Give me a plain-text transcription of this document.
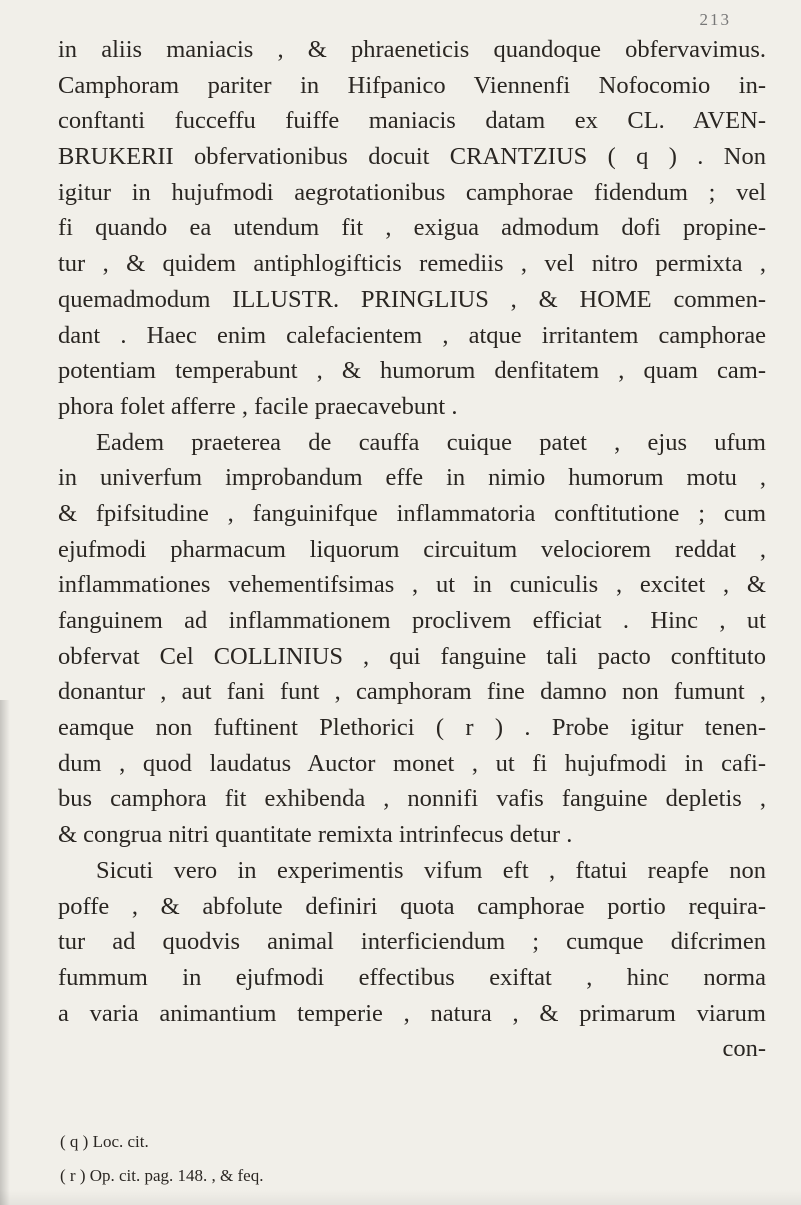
213
in aliis maniacis , & phraeneticis quandoque obfervavimus.
Camphoram pariter in Hifpanico Viennenfi Nofocomio in-
conftanti fucceffu fuiffe maniacis datam ex CL. AVEN-
BRUKERII obfervationibus docuit CRANTZIUS ( q ) . Non
igitur in hujufmodi aegrotationibus camphorae fidendum ; vel
fi quando ea utendum fit , exigua admodum dofi propine-
tur , & quidem antiphlogifticis remediis , vel nitro permixta ,
quemadmodum ILLUSTR. PRINGLIUS , & HOME commen-
dant . Haec enim calefacientem , atque irritantem camphorae
potentiam temperabunt , & humorum denfitatem , quam cam-
phora folet afferre , facile praecavebunt .
Eadem praeterea de cauffa cuique patet , ejus ufum
in univerfum improbandum effe in nimio humorum motu ,
& fpifsitudine , fanguinifque inflammatoria conftitutione ; cum
ejufmodi pharmacum liquorum circuitum velociorem reddat ,
inflammationes vehementifsimas , ut in cuniculis , excitet , &
fanguinem ad inflammationem proclivem efficiat . Hinc , ut
obfervat Cel COLLINIUS , qui fanguine tali pacto conftituto
donantur , aut fani funt , camphoram fine damno non fumunt ,
eamque non fuftinent Plethorici ( r ) . Probe igitur tenen-
dum , quod laudatus Auctor monet , ut fi hujufmodi in cafi-
bus camphora fit exhibenda , nonnifi vafis fanguine depletis ,
& congrua nitri quantitate remixta intrinfecus detur .
Sicuti vero in experimentis vifum eft , ftatui reapfe non
poffe , & abfolute definiri quota camphorae portio requira-
tur ad quodvis animal interficiendum ; cumque difcrimen
fummum in ejufmodi effectibus exiftat , hinc norma
a varia animantium temperie , natura , & primarum viarum
con-
( q ) Loc. cit.
( r ) Op. cit. pag. 148. , & feq.
